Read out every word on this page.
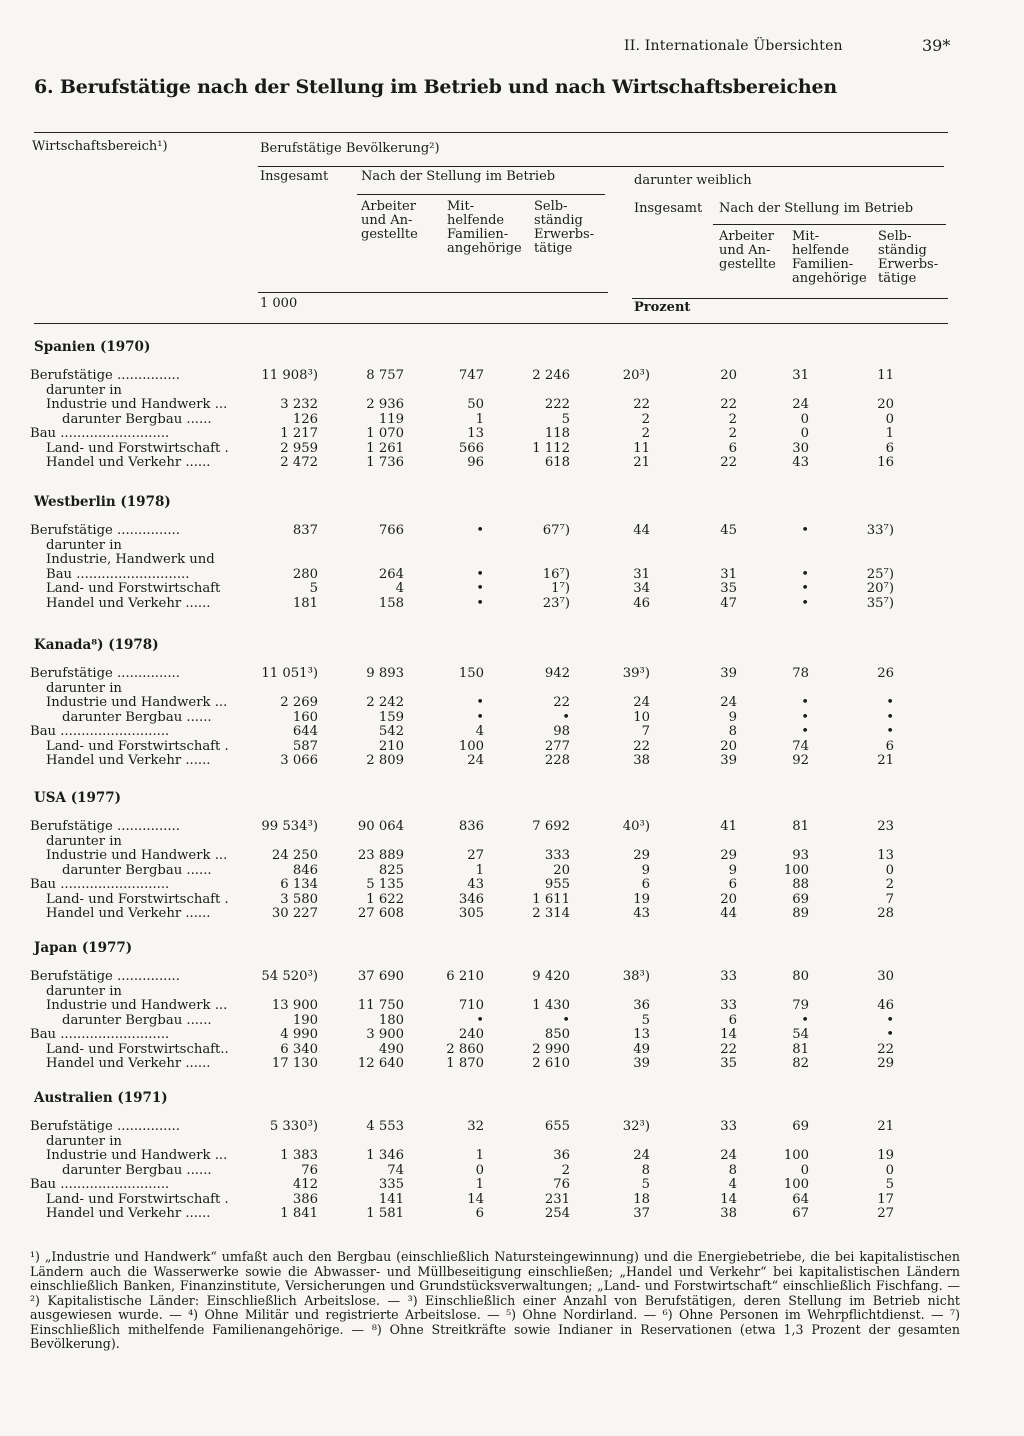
II. Internationale Übersichten	39*
6. Berufstätige nach der Stellung im Betrieb und nach Wirtschaftsbereichen
Wirtschaftsbereich¹)	Berufstätige Bevölkerung²)
Insgesamt	Nach der Stellung im Betrieb	darunter weiblich
Arbeiter
und An-
gestellte
Mit-
helfende
Familien-
angehörige
Selb-
ständig
Erwerbs-
tätige
Insgesamt Nach der Stellung im Betrieb
Arbeiter
und An-
gestellte
Mit-
helfende
Familien-
angehörige
Selb-
ständig
Erwerbs-
tätige
1 000	Prozent
Spanien (1970)
Berufstätige ...............	11 908³)	8 757	747	2 246	20³)	20	31	11
darunter in
Industrie und Handwerk ...	3 232	2 936	50	222	22	22	24	20
darunter Bergbau ......	126	119	1	5	2	2	0	0
Bau ..........................	1 217	1 070	13	118	2	2	0	1
Land- und Forstwirtschaft .	2 959	1 261	566	1 112	11	6	30	6
Handel und Verkehr ......	2 472	1 736	96	618	21	22	43	16
Westberlin (1978)
Berufstätige ...............	837	766	•	67⁷)	44	45	•	33⁷)
darunter in
Industrie, Handwerk und
Bau ...........................	280	264	•	16⁷)	31	31	•	25⁷)
Land- und Forstwirtschaft	5	4	•	1⁷)	34	35	•	20⁷)
Handel und Verkehr ......	181	158	•	23⁷)	46	47	•	35⁷)
Kanada⁸) (1978)
Berufstätige ...............	11 051³)	9 893	150	942	39³)	39	78	26
darunter in
Industrie und Handwerk ...	2 269	2 242	•	22	24	24	•	•
darunter Bergbau ......	160	159	•	•	10	9	•	•
Bau ..........................	644	542	4	98	7	8	•	•
Land- und Forstwirtschaft .	587	210	100	277	22	20	74	6
Handel und Verkehr ......	3 066	2 809	24	228	38	39	92	21
USA (1977)
Berufstätige ...............	99 534³)	90 064	836	7 692	40³)	41	81	23
darunter in
Industrie und Handwerk ...	24 250	23 889	27	333	29	29	93	13
darunter Bergbau ......	846	825	1	20	9	9	100	0
Bau ..........................	6 134	5 135	43	955	6	6	88	2
Land- und Forstwirtschaft .	3 580	1 622	346	1 611	19	20	69	7
Handel und Verkehr ......	30 227	27 608	305	2 314	43	44	89	28
Japan (1977)
Berufstätige ...............	54 520³)	37 690	6 210	9 420	38³)	33	80	30
darunter in
Industrie und Handwerk ...	13 900	11 750	710	1 430	36	33	79	46
darunter Bergbau ......	190	180	•	•	5	6	•	•
Bau ..........................	4 990	3 900	240	850	13	14	54	•
Land- und Forstwirtschaft..	6 340	490	2 860	2 990	49	22	81	22
Handel und Verkehr ......	17 130	12 640	1 870	2 610	39	35	82	29
Australien (1971)
Berufstätige ...............	5 330³)	4 553	32	655	32³)	33	69	21
darunter in
Industrie und Handwerk ...	1 383	1 346	1	36	24	24	100	19
darunter Bergbau ......	76	74	0	2	8	8	0	0
Bau ..........................	412	335	1	76	5	4	100	5
Land- und Forstwirtschaft .	386	141	14	231	18	14	64	17
Handel und Verkehr ......	1 841	1 581	6	254	37	38	67	27
¹) „Industrie und Handwerk“ umfaßt auch den Bergbau (einschließlich Natursteingewinnung) und die Energiebetriebe, die bei kapitalistischen Ländern auch die Wasserwerke sowie die Abwasser- und Müllbeseitigung einschließen; „Handel und Verkehr“ bei kapitalistischen Ländern einschließlich Banken, Finanzinstitute, Versicherungen und Grundstücksverwaltungen; „Land- und Forstwirtschaft“ einschließlich Fischfang. — ²) Kapitalistische Länder: Einschließlich Arbeitslose. — ³) Einschließlich einer Anzahl von Berufstätigen, deren Stellung im Betrieb nicht ausgewiesen wurde. — ⁴) Ohne Militär und registrierte Arbeitslose. — ⁵) Ohne Nordirland. — ⁶) Ohne Personen im Wehrpflichtdienst. — ⁷) Einschließlich mithelfende Familienangehörige. — ⁸) Ohne Streitkräfte sowie Indianer in Reservationen (etwa 1,3 Prozent der gesamten Bevölkerung).
